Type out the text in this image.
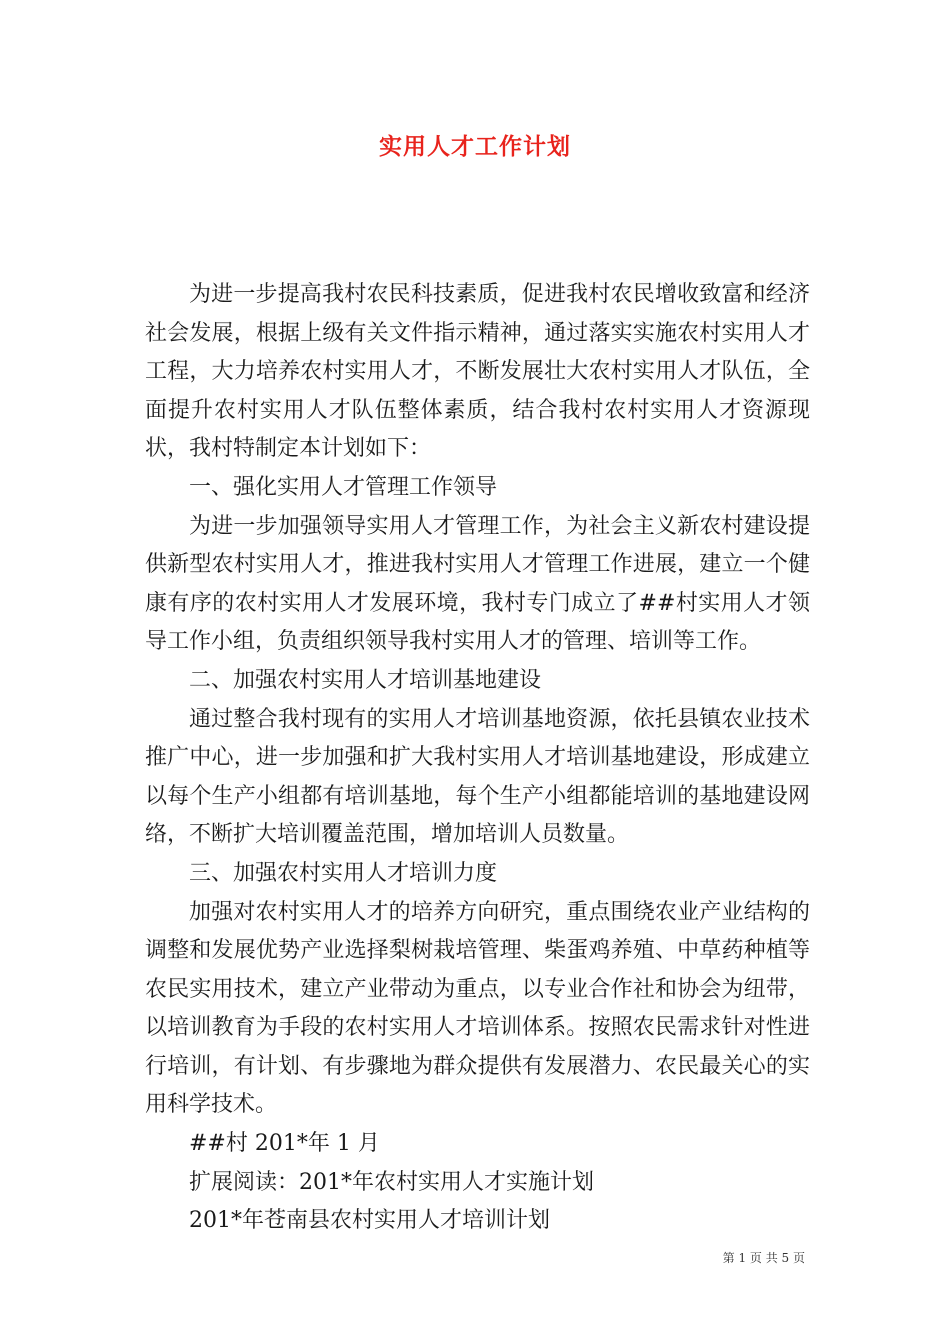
实用人才工作计划

为进一步提高我村农民科技素质，促进我村农民增收致富和经济社会发展，根据上级有关文件指示精神，通过落实实施农村实用人才工程，大力培养农村实用人才，不断发展壮大农村实用人才队伍，全面提升农村实用人才队伍整体素质，结合我村农村实用人才资源现状，我村特制定本计划如下：

一、强化实用人才管理工作领导

为进一步加强领导实用人才管理工作，为社会主义新农村建设提供新型农村实用人才，推进我村实用人才管理工作进展，建立一个健康有序的农村实用人才发展环境，我村专门成立了##村实用人才领导工作小组，负责组织领导我村实用人才的管理、培训等工作。

二、加强农村实用人才培训基地建设

通过整合我村现有的实用人才培训基地资源，依托县镇农业技术推广中心，进一步加强和扩大我村实用人才培训基地建设，形成建立以每个生产小组都有培训基地，每个生产小组都能培训的基地建设网络，不断扩大培训覆盖范围，增加培训人员数量。

三、加强农村实用人才培训力度

加强对农村实用人才的培养方向研究，重点围绕农业产业结构的调整和发展优势产业选择梨树栽培管理、柴蛋鸡养殖、中草药种植等农民实用技术，建立产业带动为重点，以专业合作社和协会为纽带，以培训教育为手段的农村实用人才培训体系。按照农民需求针对性进行培训，有计划、有步骤地为群众提供有发展潜力、农民最关心的实用科学技术。

##村 201*年 1 月

扩展阅读：201*年农村实用人才实施计划

201*年苍南县农村实用人才培训计划

第 1 页 共 5 页
